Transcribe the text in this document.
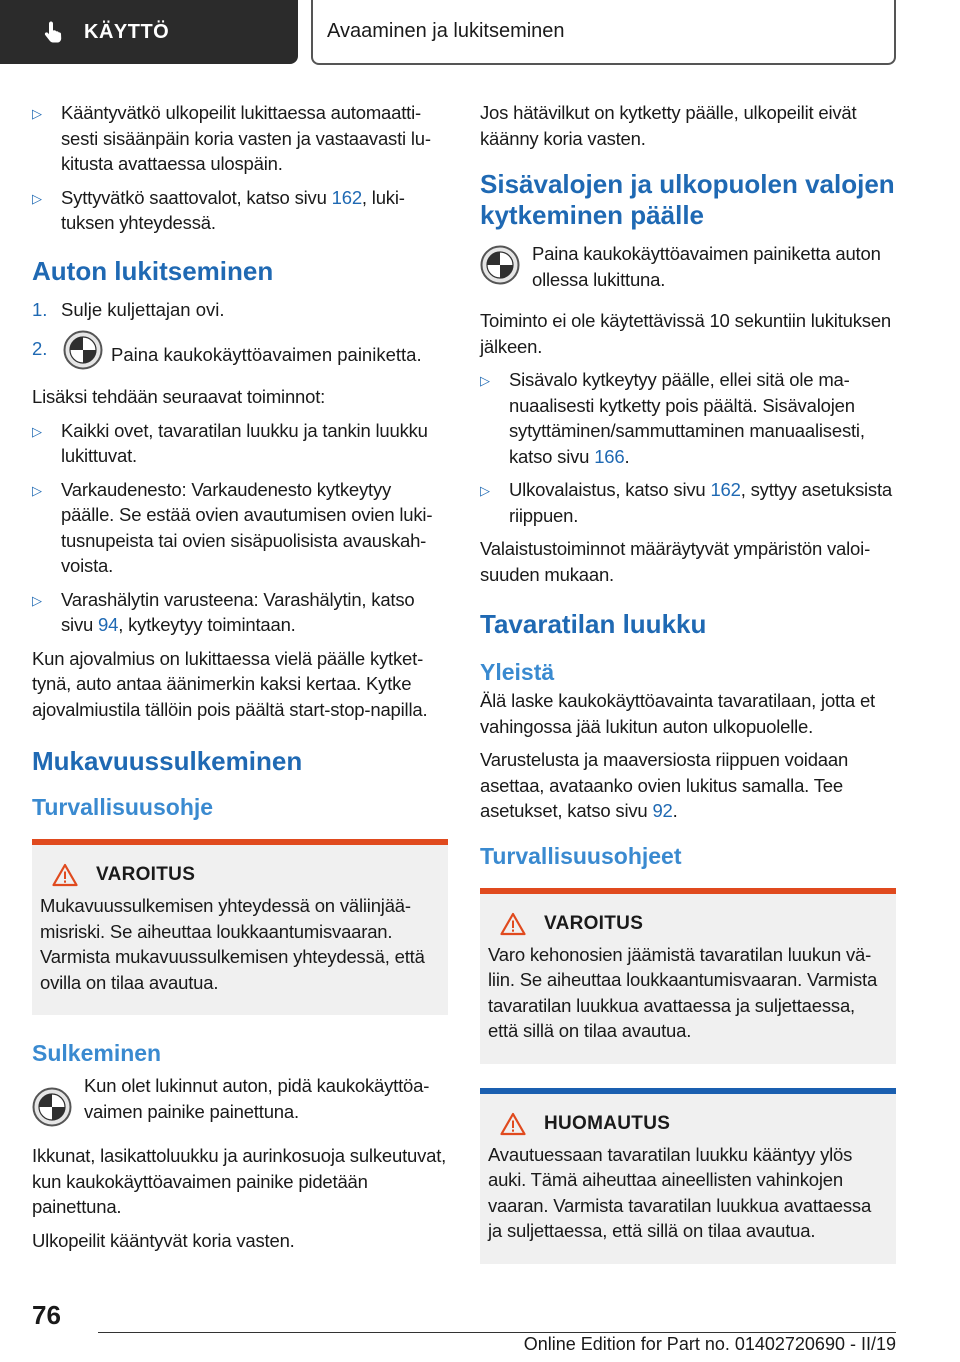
KÄYTTÖ	Avaaminen ja lukitseminen
▷	Kääntyvätkö ulkopeilit lukittaessa automaattisesti sisäänpäin koria vasten ja vastaavasti lukitusta avattaessa ulospäin.
▷	Syttyvätkö saattovalot, katso sivu 162, lukituksen yhteydessä.
Auton lukitseminen
1. Sulje kuljettajan ovi.
2.	Paina kaukokäyttöavaimen painiketta.

Lisäksi tehdään seuraavat toiminnot:

▷	Kaikki ovet, tavaratilan luukku ja tankin luukku lukittuvat.
▷	Varkaudenesto: Varkaudenesto kytkeytyy päälle. Se estää ovien avautumisen ovien lukitusnupeista tai ovien sisäpuolisista avauskahvoista.
▷	Varashälytin varusteena: Varashälytin, katso sivu 94, kytkeytyy toimintaan.

Kun ajovalmius on lukittaessa vielä päälle kytkettynä, auto antaa äänimerkin kaksi kertaa. Kytke ajovalmiustila tällöin pois päältä start-stop-napilla.

Mukavuussulkeminen
Turvallisuusohje
VAROITUS
Mukavuussulkemisen yhteydessä on väliinjäämisriski. Se aiheuttaa loukkaantumisvaaran. Varmista mukavuussulkemisen yhteydessä, että ovilla on tilaa avautua.
Sulkeminen
Kun olet lukinnut auton, pidä kaukokäyttöavaimen painike painettuna.

Ikkunat, lasikattoluukku ja aurinkosuoja sulkeutuvat, kun kaukokäyttöavaimen painike pidetään painettuna.

Ulkopeilit kääntyvät koria vasten.

Jos hätävilkut on kytketty päälle, ulkopeilit eivät käänny koria vasten.

Sisävalojen ja ulkopuolen valojen kytkeminen päälle
Paina kaukokäyttöavaimen painiketta auton ollessa lukittuna.

Toiminto ei ole käytettävissä 10 sekuntiin lukituksen jälkeen.

▷	Sisävalo kytkeytyy päälle, ellei sitä ole manuaalisesti kytketty pois päältä. Sisävalojen sytyttäminen/sammuttaminen manuaalisesti, katso sivu 166.
▷	Ulkovalaistus, katso sivu 162, syttyy asetuksista riippuen.

Valaistustoiminnot määräytyvät ympäristön valoisuuden mukaan.

Tavaratilan luukku
Yleistä

Älä laske kaukokäyttöavainta tavaratilaan, jotta et vahingossa jää lukitun auton ulkopuolelle.

Varustelusta ja maaversiosta riippuen voidaan asettaa, avataanko ovien lukitus samalla. Tee asetukset, katso sivu 92.

Turvallisuusohjeet
VAROITUS
Varo kehonosien jäämistä tavaratilan luukun väliin. Se aiheuttaa loukkaantumisvaaran. Varmista tavaratilan luukkua avattaessa ja suljettaessa, että sillä on tilaa avautua.
HUOMAUTUS
Avautuessaan tavaratilan luukku kääntyy ylös auki. Tämä aiheuttaa aineellisten vahinkojen vaaran. Varmista tavaratilan luukkua avattaessa ja suljettaessa, että sillä on tilaa avautua.
76
Online Edition for Part no. 01402720690 - II/19
